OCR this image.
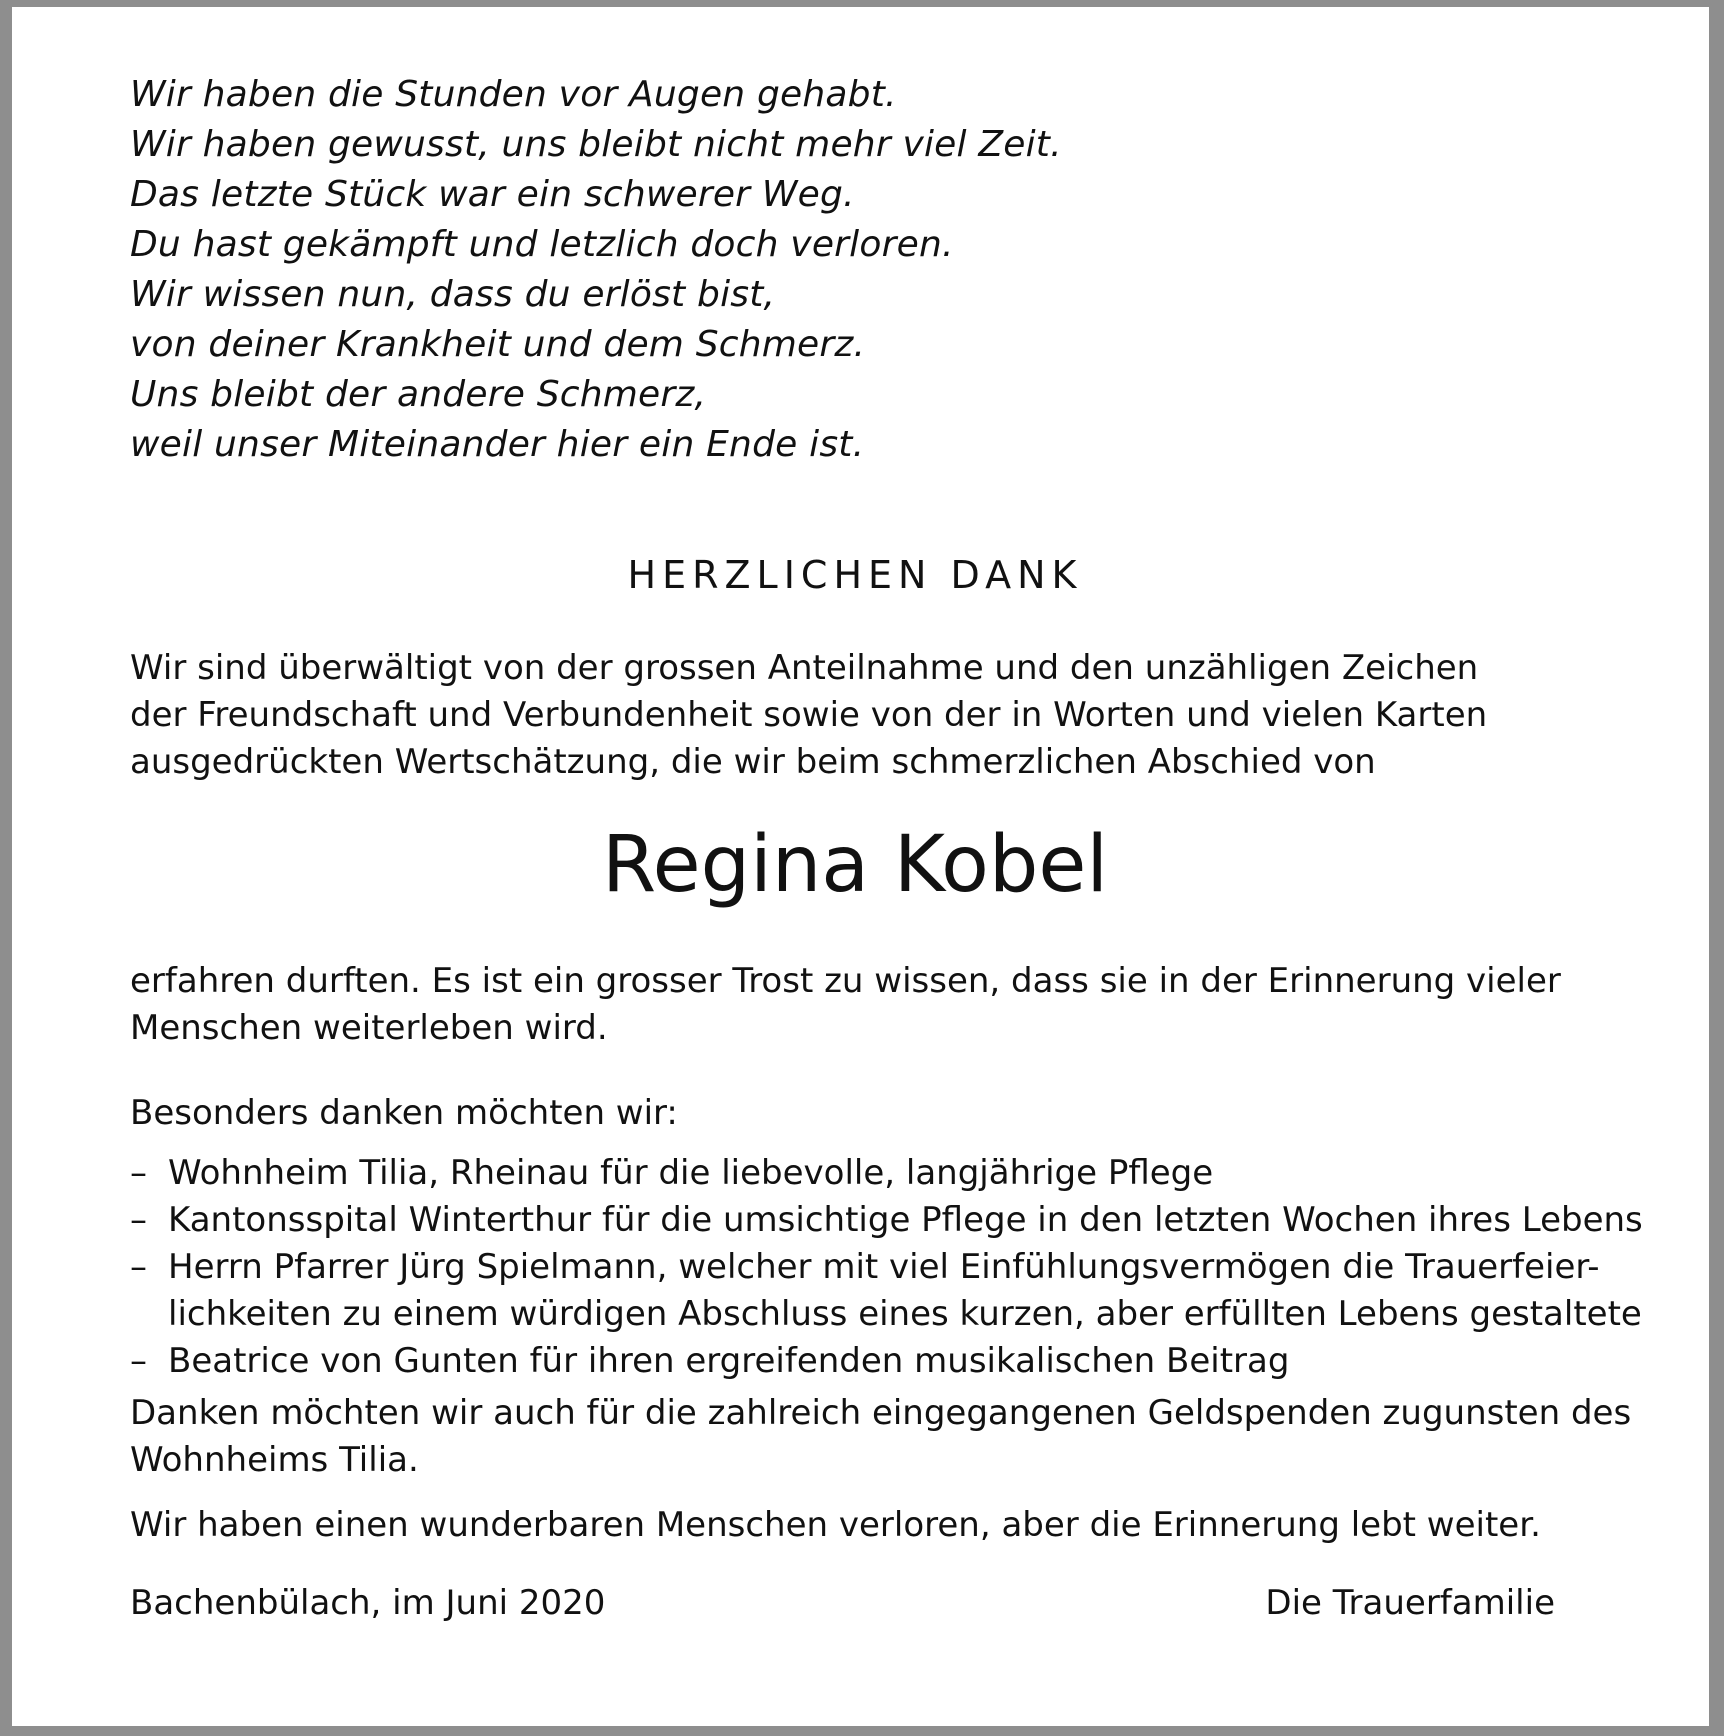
Wir haben die Stunden vor Augen gehabt.
Wir haben gewusst, uns bleibt nicht mehr viel Zeit.
Das letzte Stück war ein schwerer Weg.
Du hast gekämpft und letzlich doch verloren.
Wir wissen nun, dass du erlöst bist,
von deiner Krankheit und dem Schmerz.
Uns bleibt der andere Schmerz,
weil unser Miteinander hier ein Ende ist.
HERZLICHEN DANK
Wir sind überwältigt von der grossen Anteilnahme und den unzähligen Zeichen
der Freundschaft und Verbundenheit sowie von der in Worten und vielen Karten
ausgedrückten Wertschätzung, die wir beim schmerzlichen Abschied von
Regina Kobel
erfahren durften. Es ist ein grosser Trost zu wissen, dass sie in der Erinnerung vieler
Menschen weiterleben wird.
Besonders danken möchten wir:
– Wohnheim Tilia, Rheinau für die liebevolle, langjährige Pflege
– Kantonsspital Winterthur für die umsichtige Pflege in den letzten Wochen ihres Lebens
– Herrn Pfarrer Jürg Spielmann, welcher mit viel Einfühlungsvermögen die Trauerfeier-
lichkeiten zu einem würdigen Abschluss eines kurzen, aber erfüllten Lebens gestaltete
– Beatrice von Gunten für ihren ergreifenden musikalischen Beitrag
Danken möchten wir auch für die zahlreich eingegangenen Geldspenden zugunsten des
Wohnheims Tilia.
Wir haben einen wunderbaren Menschen verloren, aber die Erinnerung lebt weiter.
Bachenbülach, im Juni 2020	Die Trauerfamilie
